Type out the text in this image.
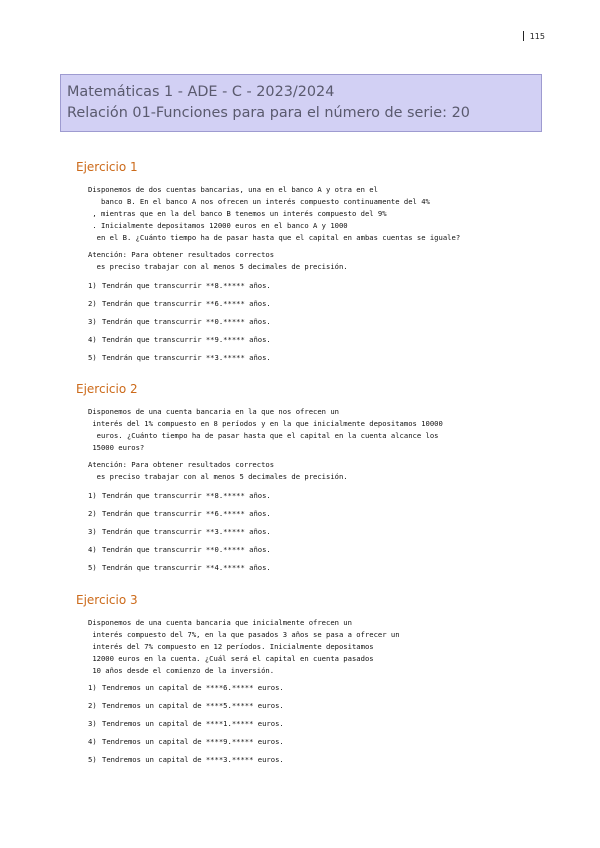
115
Matemáticas 1 - ADE - C - 2023/2024
Relación 01-Funciones para para el número de serie: 20
Ejercicio 1
Disponemos de dos cuentas bancarias, una en el banco A y otra en el
banco B. En el banco A nos ofrecen un interés compuesto continuamente del 4%
, mientras que en la del banco B tenemos un interés compuesto del 9%
. Inicialmente depositamos 12000 euros en el banco A y 1000
en el B. ¿Cuánto tiempo ha de pasar hasta que el capital en ambas cuentas se iguale?
Atención: Para obtener resultados correctos
es preciso trabajar con al menos 5 decimales de precisión.
1) Tendrán que transcurrir **8.***** años.
2) Tendrán que transcurrir **6.***** años.
3) Tendrán que transcurrir **0.***** años.
4) Tendrán que transcurrir **9.***** años.
5) Tendrán que transcurrir **3.***** años.
Ejercicio 2
Disponemos de una cuenta bancaria en la que nos ofrecen un
interés del 1% compuesto en 8 períodos y en la que inicialmente depositamos 10000
euros. ¿Cuánto tiempo ha de pasar hasta que el capital en la cuenta alcance los
15000 euros?
Atención: Para obtener resultados correctos
es preciso trabajar con al menos 5 decimales de precisión.
1) Tendrán que transcurrir **8.***** años.
2) Tendrán que transcurrir **6.***** años.
3) Tendrán que transcurrir **3.***** años.
4) Tendrán que transcurrir **0.***** años.
5) Tendrán que transcurrir **4.***** años.
Ejercicio 3
Disponemos de una cuenta bancaria que inicialmente ofrecen un
interés compuesto del 7%, en la que pasados 3 años se pasa a ofrecer un
interés del 7% compuesto en 12 períodos. Inicialmente depositamos
12000 euros en la cuenta. ¿Cuál será el capital en cuenta pasados
10 años desde el comienzo de la inversión.
1) Tendremos un capital de ****6.***** euros.
2) Tendremos un capital de ****5.***** euros.
3) Tendremos un capital de ****1.***** euros.
4) Tendremos un capital de ****9.***** euros.
5) Tendremos un capital de ****3.***** euros.
